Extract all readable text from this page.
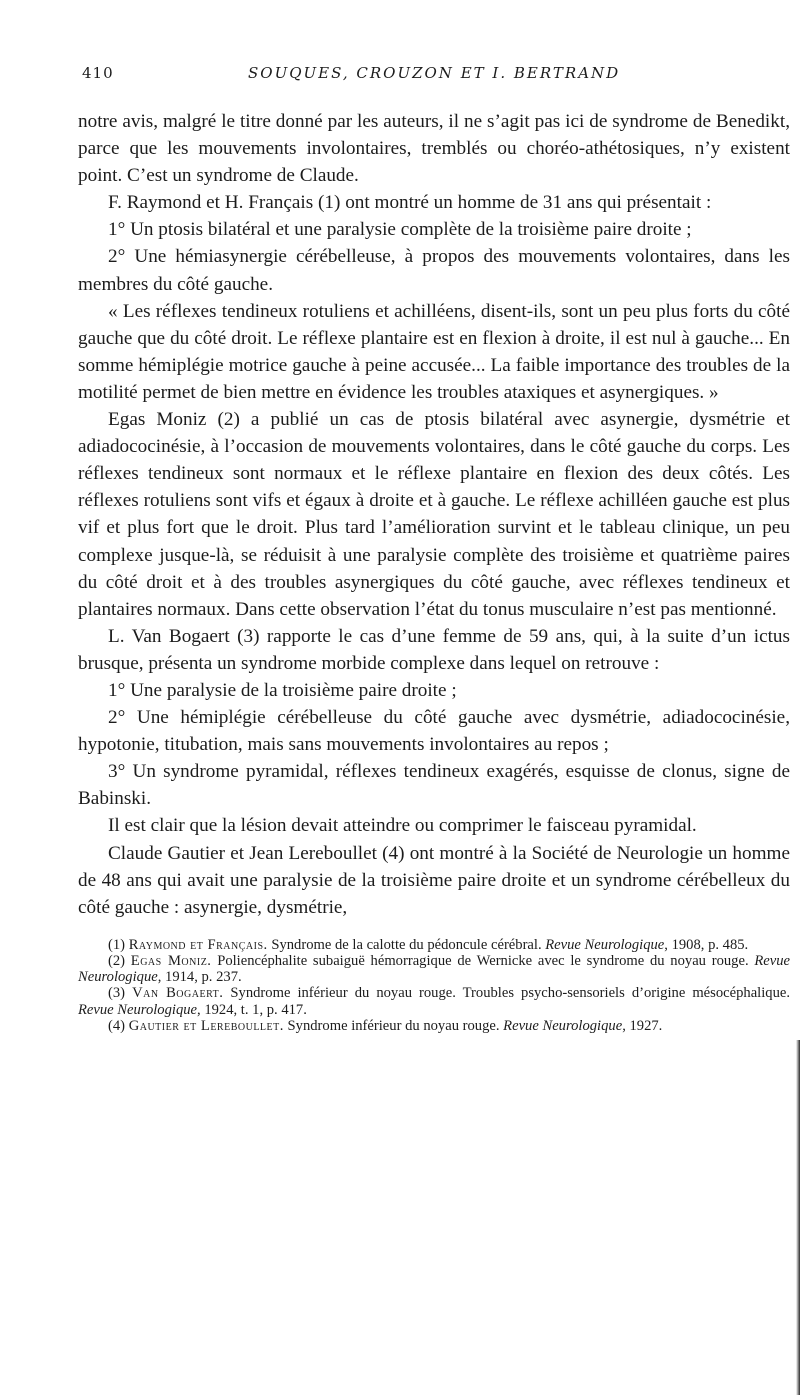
410	SOUQUES, CROUZON ET I. BERTRAND

notre avis, malgré le titre donné par les auteurs, il ne s’agit pas ici de syndrome de Benedikt, parce que les mouvements involontaires, tremblés ou choréo-athétosiques, n’y existent point. C’est un syndrome de Claude.

F. Raymond et H. Français (1) ont montré un homme de 31 ans qui présentait :

1° Un ptosis bilatéral et une paralysie complète de la troisième paire droite ;

2° Une hémiasynergie cérébelleuse, à propos des mouvements volontaires, dans les membres du côté gauche.

« Les réflexes tendineux rotuliens et achilléens, disent-ils, sont un peu plus forts du côté gauche que du côté droit. Le réflexe plantaire est en flexion à droite, il est nul à gauche... En somme hémiplégie motrice gauche à peine accusée... La faible importance des troubles de la motilité permet de bien mettre en évidence les troubles ataxiques et asynergiques. »

Egas Moniz (2) a publié un cas de ptosis bilatéral avec asynergie, dysmétrie et adiadococinésie, à l’occasion de mouvements volontaires, dans le côté gauche du corps. Les réflexes tendineux sont normaux et le réflexe plantaire en flexion des deux côtés. Les réflexes rotuliens sont vifs et égaux à droite et à gauche. Le réflexe achilléen gauche est plus vif et plus fort que le droit. Plus tard l’amélioration survint et le tableau clinique, un peu complexe jusque-là, se réduisit à une paralysie complète des troisième et quatrième paires du côté droit et à des troubles asynergiques du côté gauche, avec réflexes tendineux et plantaires normaux. Dans cette observation l’état du tonus musculaire n’est pas mentionné.

L. Van Bogaert (3) rapporte le cas d’une femme de 59 ans, qui, à la suite d’un ictus brusque, présenta un syndrome morbide complexe dans lequel on retrouve :

1° Une paralysie de la troisième paire droite ;

2° Une hémiplégie cérébelleuse du côté gauche avec dysmétrie, adiadococinésie, hypotonie, titubation, mais sans mouvements involontaires au repos ;

3° Un syndrome pyramidal, réflexes tendineux exagérés, esquisse de clonus, signe de Babinski.

Il est clair que la lésion devait atteindre ou comprimer le faisceau pyramidal.

Claude Gautier et Jean Lereboullet (4) ont montré à la Société de Neurologie un homme de 48 ans qui avait une paralysie de la troisième paire droite et un syndrome cérébelleux du côté gauche : asynergie, dysmétrie,

(1) Raymond et Français. Syndrome de la calotte du pédoncule cérébral. Revue Neurologique, 1908, p. 485.

(2) Egas Moniz. Poliencéphalite subaiguë hémorragique de Wernicke avec le syndrome du noyau rouge. Revue Neurologique, 1914, p. 237.

(3) Van Bogaert. Syndrome inférieur du noyau rouge. Troubles psycho-sensoriels d’origine mésocéphalique. Revue Neurologique, 1924, t. 1, p. 417.

(4) Gautier et Lereboullet. Syndrome inférieur du noyau rouge. Revue Neurologique, 1927.
